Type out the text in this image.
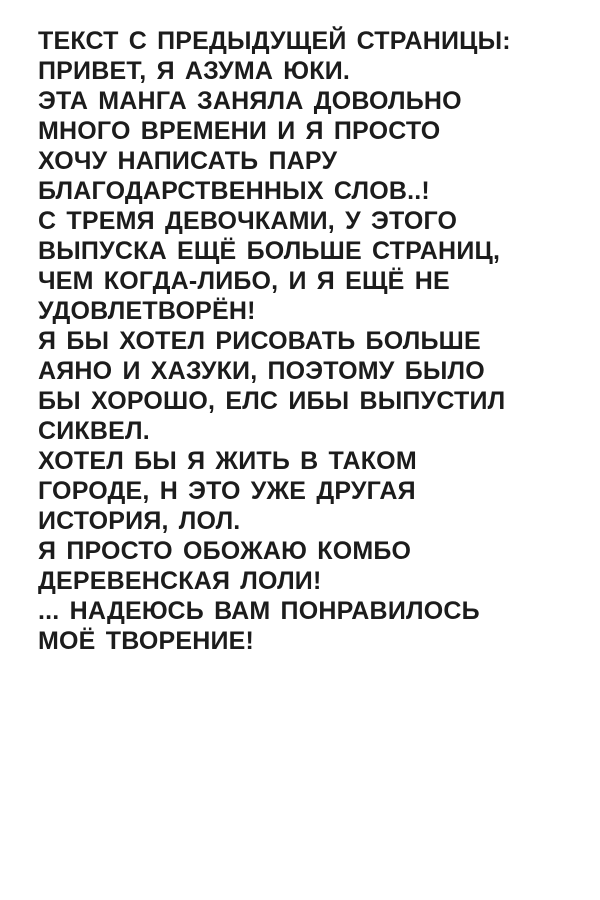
ТЕКСТ С ПРЕДЫДУЩЕЙ СТРАНИЦЫ:
ПРИВЕТ, Я АЗУМА ЮКИ.
ЭТА МАНГА ЗАНЯЛА ДОВОЛЬНО
МНОГО ВРЕМЕНИ И Я ПРОСТО
ХОЧУ НАПИСАТЬ ПАРУ
БЛАГОДАРСТВЕННЫХ СЛОВ..!
С ТРЕМЯ ДЕВОЧКАМИ, У ЭТОГО
ВЫПУСКА ЕЩЁ БОЛЬШЕ СТРАНИЦ,
ЧЕМ КОГДА-ЛИБО, И Я ЕЩЁ НЕ
УДОВЛЕТВОРЁН!
Я БЫ ХОТЕЛ РИСОВАТЬ БОЛЬШЕ
АЯНО И ХАЗУКИ, ПОЭТОМУ БЫЛО
БЫ ХОРОШО, ЕЛС ИБЫ ВЫПУСТИЛ
СИКВЕЛ.
ХОТЕЛ БЫ Я ЖИТЬ В ТАКОМ
ГОРОДЕ, Н ЭТО УЖЕ ДРУГАЯ
ИСТОРИЯ, ЛОЛ.
Я ПРОСТО ОБОЖАЮ КОМБО
ДЕРЕВЕНСКАЯ ЛОЛИ!
... НАДЕЮСЬ ВАМ ПОНРАВИЛОСЬ
МОЁ ТВОРЕНИЕ!
